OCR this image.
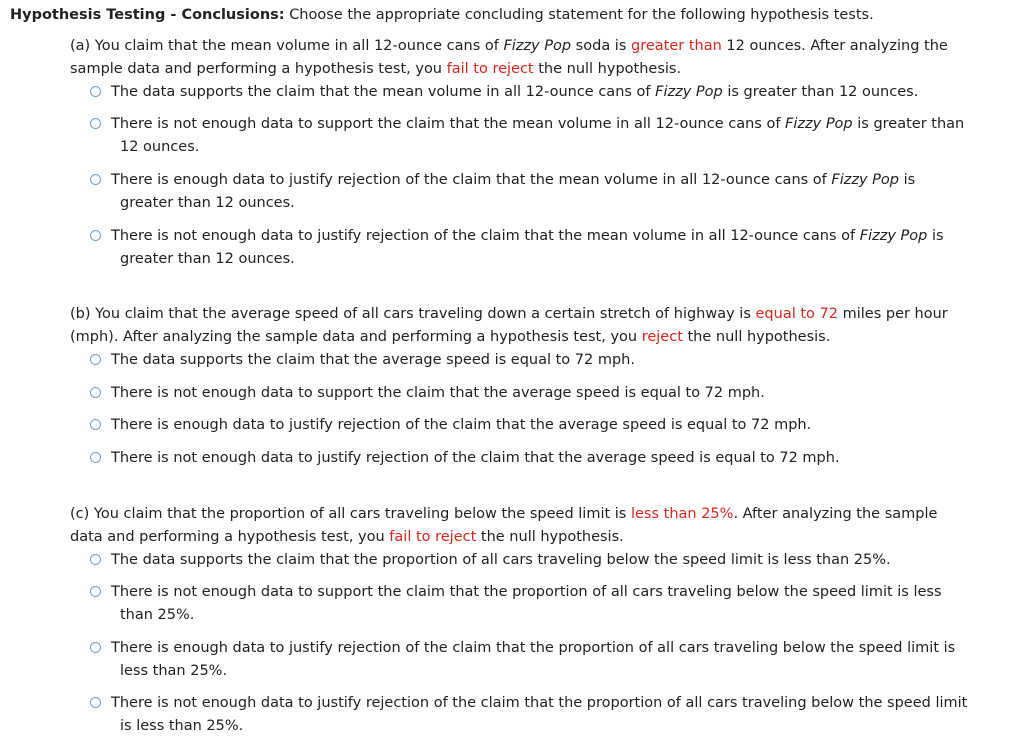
Hypothesis Testing - Conclusions: Choose the appropriate concluding statement for the following hypothesis tests.
(a) You claim that the mean volume in all 12-ounce cans of Fizzy Pop soda is greater than 12 ounces. After analyzing the
sample data and performing a hypothesis test, you fail to reject the null hypothesis.
The data supports the claim that the mean volume in all 12-ounce cans of Fizzy Pop is greater than 12 ounces.
There is not enough data to support the claim that the mean volume in all 12-ounce cans of Fizzy Pop is greater than
12 ounces.
There is enough data to justify rejection of the claim that the mean volume in all 12-ounce cans of Fizzy Pop is
greater than 12 ounces.
There is not enough data to justify rejection of the claim that the mean volume in all 12-ounce cans of Fizzy Pop is
greater than 12 ounces.
(b) You claim that the average speed of all cars traveling down a certain stretch of highway is equal to 72 miles per hour
(mph). After analyzing the sample data and performing a hypothesis test, you reject the null hypothesis.
The data supports the claim that the average speed is equal to 72 mph.
There is not enough data to support the claim that the average speed is equal to 72 mph.
There is enough data to justify rejection of the claim that the average speed is equal to 72 mph.
There is not enough data to justify rejection of the claim that the average speed is equal to 72 mph.
(c) You claim that the proportion of all cars traveling below the speed limit is less than 25%. After analyzing the sample
data and performing a hypothesis test, you fail to reject the null hypothesis.
The data supports the claim that the proportion of all cars traveling below the speed limit is less than 25%.
There is not enough data to support the claim that the proportion of all cars traveling below the speed limit is less
than 25%.
There is enough data to justify rejection of the claim that the proportion of all cars traveling below the speed limit is
less than 25%.
There is not enough data to justify rejection of the claim that the proportion of all cars traveling below the speed limit
is less than 25%.
